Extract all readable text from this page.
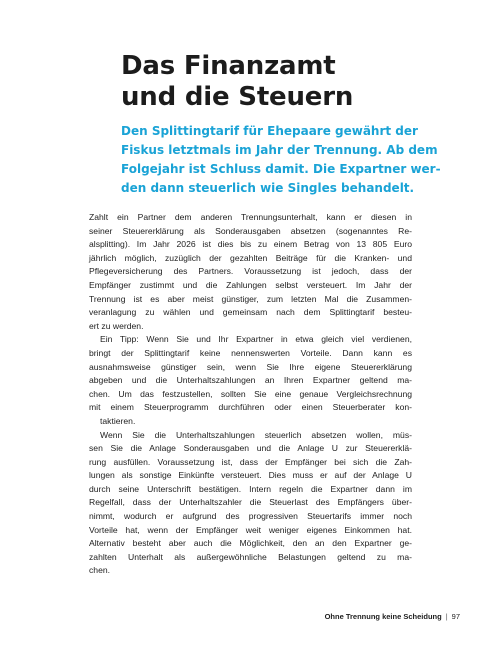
Das Finanzamt
und die Steuern

Den Splittingtarif für Ehepaare gewährt der
Fiskus letztmals im Jahr der Trennung. Ab dem
Folgejahr ist Schluss damit. Die Expartner wer-
den dann steuerlich wie Singles behandelt.

Zahlt ein Partner dem anderen Trennungsunterhalt, kann er diesen in
seiner Steuererklärung als Sonderausgaben absetzen (sogenanntes Re-
alsplitting). Im Jahr 2026 ist dies bis zu einem Betrag von 13 805 Euro
jährlich möglich, zuzüglich der gezahlten Beiträge für die Kranken- und
Pflegeversicherung des Partners. Voraussetzung ist jedoch, dass der
Empfänger zustimmt und die Zahlungen selbst versteuert. Im Jahr der
Trennung ist es aber meist günstiger, zum letzten Mal die Zusammen-
veranlagung zu wählen und gemeinsam nach dem Splittingtarif besteu-
ert zu werden.
Ein Tipp: Wenn Sie und Ihr Expartner in etwa gleich viel verdienen,
bringt der Splittingtarif keine nennenswerten Vorteile. Dann kann es
ausnahmsweise günstiger sein, wenn Sie Ihre eigene Steuererklärung
abgeben und die Unterhaltszahlungen an Ihren Expartner geltend ma-
chen. Um das festzustellen, sollten Sie eine genaue Vergleichsrechnung
mit einem Steuerprogramm durchführen oder einen Steuerberater kon-
taktieren.
Wenn Sie die Unterhaltszahlungen steuerlich absetzen wollen, müs-
sen Sie die Anlage Sonderausgaben und die Anlage U zur Steuererklä-
rung ausfüllen. Voraussetzung ist, dass der Empfänger bei sich die Zah-
lungen als sonstige Einkünfte versteuert. Dies muss er auf der Anlage U
durch seine Unterschrift bestätigen. Intern regeln die Expartner dann im
Regelfall, dass der Unterhaltszahler die Steuerlast des Empfängers über-
nimmt, wodurch er aufgrund des progressiven Steuertarifs immer noch
Vorteile hat, wenn der Empfänger weit weniger eigenes Einkommen hat.
Alternativ besteht aber auch die Möglichkeit, den an den Expartner ge-
zahlten Unterhalt als außergewöhnliche Belastungen geltend zu ma-
chen.
Ohne Trennung keine Scheidung | 97
